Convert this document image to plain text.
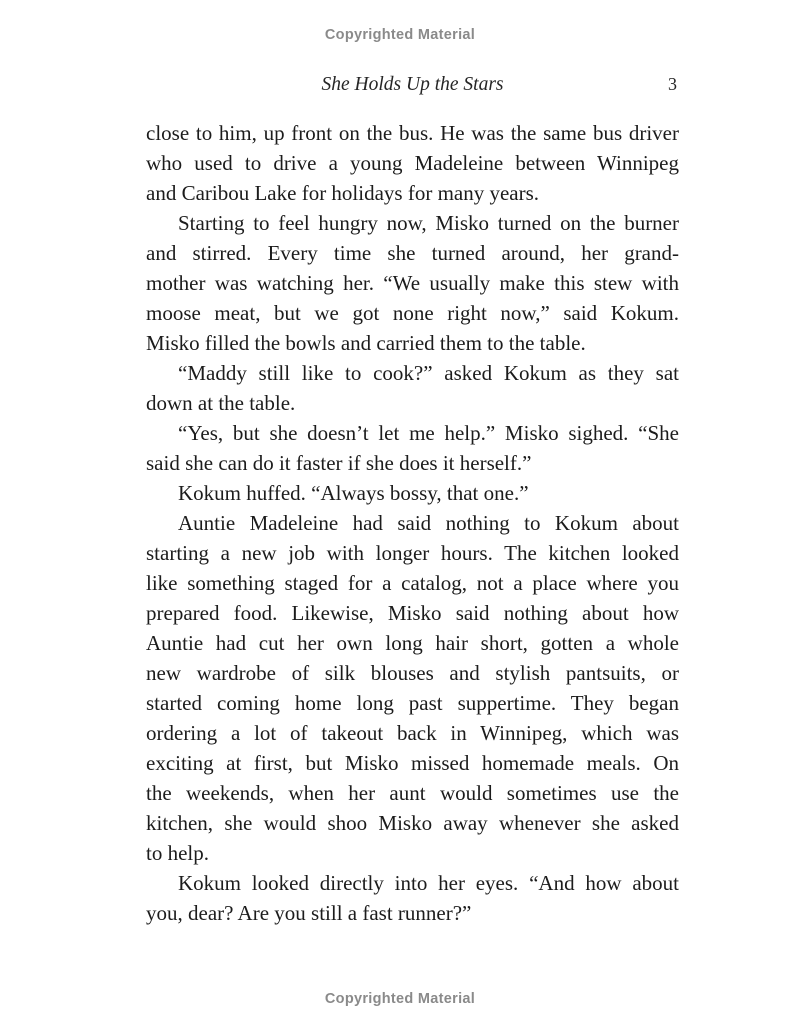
Copyrighted Material
She Holds Up the Stars	3
close to him, up front on the bus. He was the same bus driver
who used to drive a young Madeleine between Winnipeg
and Caribou Lake for holidays for many years.
Starting to feel hungry now, Misko turned on the burner
and stirred. Every time she turned around, her grand-
mother was watching her. “We usually make this stew with
moose meat, but we got none right now,” said Kokum.
Misko filled the bowls and carried them to the table.
“Maddy still like to cook?” asked Kokum as they sat
down at the table.
“Yes, but she doesn’t let me help.” Misko sighed. “She
said she can do it faster if she does it herself.”
Kokum huffed. “Always bossy, that one.”
Auntie Madeleine had said nothing to Kokum about
starting a new job with longer hours. The kitchen looked
like something staged for a catalog, not a place where you
prepared food. Likewise, Misko said nothing about how
Auntie had cut her own long hair short, gotten a whole
new wardrobe of silk blouses and stylish pantsuits, or
started coming home long past suppertime. They began
ordering a lot of takeout back in Winnipeg, which was
exciting at first, but Misko missed homemade meals. On
the weekends, when her aunt would sometimes use the
kitchen, she would shoo Misko away whenever she asked
to help.
Kokum looked directly into her eyes. “And how about
you, dear? Are you still a fast runner?”
Copyrighted Material
